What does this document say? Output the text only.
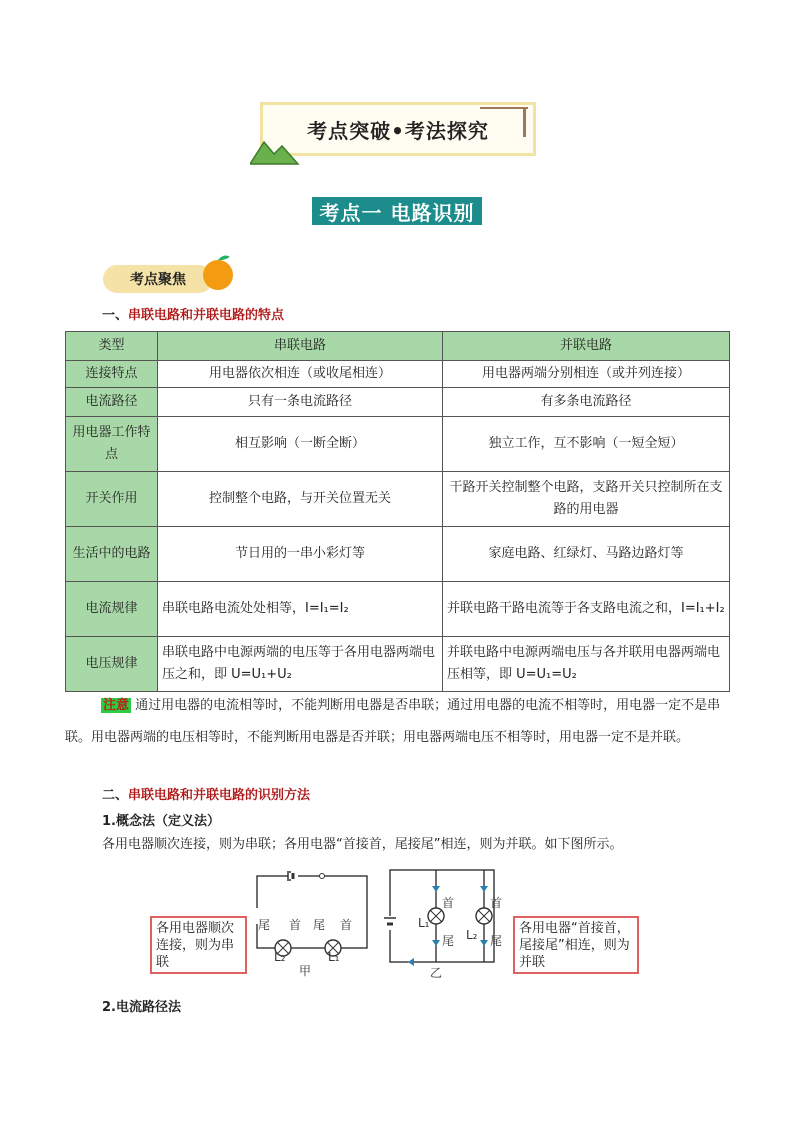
考点突破•考法探究
考点一 电路识别
考点聚焦
一、串联电路和并联电路的特点
类型	串联电路	并联电路
连接特点	用电器依次相连（或收尾相连）	用电器两端分别相连（或并列连接）
电流路径	只有一条电流路径	有多条电流路径
用电器工作特点	相互影响（一断全断）	独立工作，互不影响（一短全短）
开关作用	控制整个电路，与开关位置无关	干路开关控制整个电路，支路开关只控制所在支路的用电器
生活中的电路	节日用的一串小彩灯等	家庭电路、红绿灯、马路边路灯等
电流规律	串联电路电流处处相等，I=I₁=I₂	并联电路干路电流等于各支路电流之和，I=I₁+I₂
电压规律	串联电路中电源两端的电压等于各用电器两端电压之和，即 U=U₁+U₂	并联电路中电源两端电压与各并联用电器两端电压相等，即 U=U₁=U₂
注意 通过用电器的电流相等时，不能判断用电器是否串联；通过用电器的电流不相等时，用电器一定不是串联。用电器两端的电压相等时，不能判断用电器是否并联；用电器两端电压不相等时，用电器一定不是并联。
二、串联电路和并联电路的识别方法
1.概念法（定义法）
各用电器顺次连接，则为串联；各用电器“首接首，尾接尾”相连，则为并联。如下图所示。
各用电器顺次连接，则为串联
尾 首 尾 首
L₂	L₁
甲
首	首
尾	尾
L₁
L₂
乙
各用电器“首接首，尾接尾”相连，则为并联
2.电流路径法
